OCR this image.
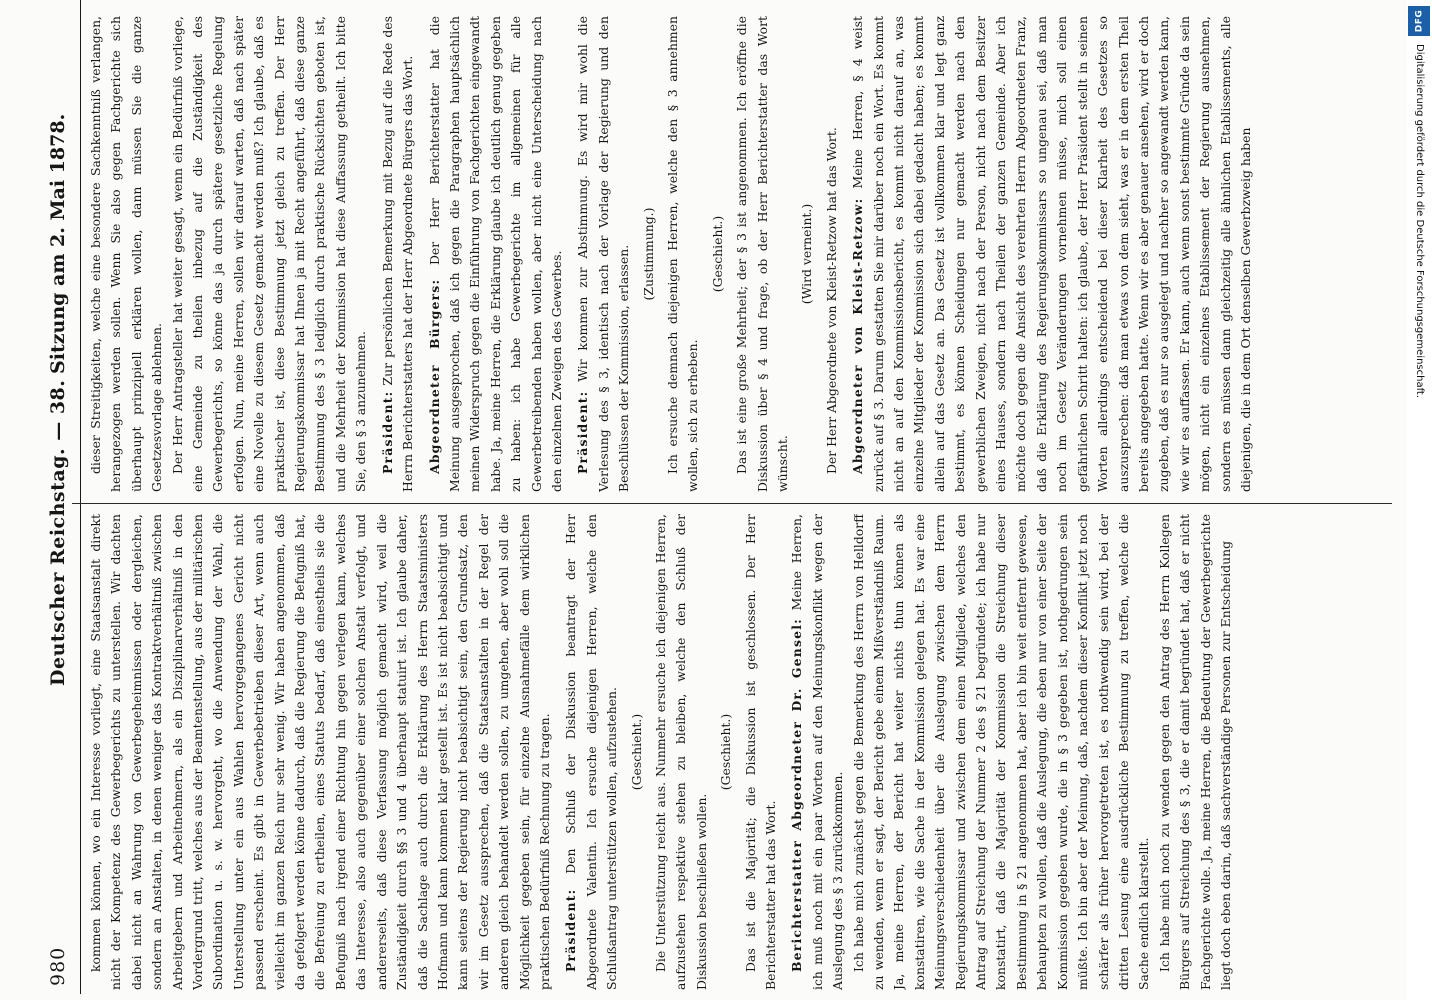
980
Deutscher Reichstag. — 38.
Sitzung am 2. Mai 1878.

kommen können, wo ein Interesse vorliegt, eine Staatsanstalt direkt nicht der Kompetenz des Gewerbegerichts zu unterstellen. Wir dachten dabei nicht an Wahrung von Gewerbegeheimnissen oder dergleichen, sondern an Anstalten, in denen weniger das Kontraktverhältniß zwischen Arbeitgebern und Arbeitnehmern, als ein Disziplinarverhältniß in den Vordergrund tritt, welches aus der Beamtenstellung, aus der militärischen Subordination u. s. w. hervorgeht, wo die Anwendung der Wahl, die Unterstellung unter ein aus Wahlen hervorgegangenes Gericht nicht passend erscheint. Es gibt in Gewerbebetrieben dieser Art, wenn auch vielleicht im ganzen Reich nur sehr wenig. Wir haben angenommen, daß da gefolgert werden könne dadurch, daß die Regierung die Befugniß hat, die Befreiung zu ertheilen, eines Statuts bedarf, daß einestheils sie die Befugniß nach irgend einer Richtung hin gegen verlegen kann, welches das Interesse, also auch gegenüber einer solchen Anstalt verfolgt, und andererseits, daß diese Verfassung möglich gemacht wird, weil die Zuständigkeit durch §§ 3 und 4 überhaupt statuirt ist. Ich glaube daher, daß die Sachlage auch durch die Erklärung des Herrn Staatsministers Hofmann und kann kommen klar gestellt ist. Es ist nicht beabsichtigt und kann seitens der Regierung nicht beabsichtigt sein, den Grundsatz, den wir im Gesetz aussprechen, daß die Staatsanstalten in der Regel der anderen gleich behandelt werden sollen, zu umgehen, aber wohl soll die Möglichkeit gegeben sein, für einzelne Ausnahmefälle dem wirklichen praktischen Bedürfniß Rechnung zu tragen. Präsident: Den Schluß der Diskussion beantragt der Herr Abgeordnete Valentin. Ich ersuche diejenigen Herren, welche den Schlußantrag unterstützen wollen, aufzustehen. (Geschieht.) Die Unterstützung reicht aus. Nunmehr ersuche ich diejenigen Herren, aufzustehen respektive stehen zu bleiben, welche den Schluß der Diskussion beschließen wollen.

(Geschieht.) Das ist die Majorität; die Diskussion ist geschlossen. Der Herr Berichterstatter hat das Wort. Berichterstatter Abgeordneter Dr. Gensel: Meine Herren, ich muß noch mit ein paar Worten auf den Meinungskonflikt wegen der Auslegung des § 3 zurückkommen. Ich habe mich zunächst gegen die Bemerkung des Herrn von Helldorff zu wenden, wenn er sagt, der Bericht gebe einem Mißverständniß Raum. Ja, meine Herren, der Bericht hat weiter nichts thun können als konstatiren, wie die Sache in der Kommission gelegen hat. Es war eine Meinungsverschiedenheit über die Auslegung zwischen dem Herrn Regierungskommissar und zwischen dem einen Mitgliede, welches den Antrag auf Streichung der Nummer 2 des § 21 begründete; ich habe nur konstatirt, daß die Majorität der Kommission die Streichung dieser Bestimmung in § 21 angenommen hat, aber ich bin weit entfernt gewesen, behaupten zu wollen, daß die Auslegung, die eben nur von einer Seite der Kommission gegeben wurde, die in § 3 gegeben ist, nothgedrungen sein müßte. Ich bin aber der Meinung, daß, nachdem dieser Konflikt jetzt noch schärfer als früher hervorgetreten ist, es nothwendig sein wird, bei der dritten Lesung eine ausdrückliche Bestimmung zu treffen, welche die Sache endlich klarstellt. Ich habe mich noch zu wenden gegen den Antrag des Herrn Kollegen Bürgers auf Streichung des § 3, die er damit begründet hat, daß er nicht Fachgerichte wolle. Ja, meine Herren, die Bedeutung der Gewerbegerichte liegt doch eben darin, daß sachverständige Personen zur Entscheidung

dieser Streitigkeiten, welche eine besondere Sachkenntniß verlangen, herangezogen werden sollen. Wenn Sie also gegen Fachgerichte sich überhaupt prinzipiell erklären wollen, dann müssen Sie die ganze Gesetzesvorlage ablehnen. Der Herr Antragsteller hat weiter gesagt, wenn ein Bedürfniß vorliege, eine Gemeinde zu theilen inbezug auf die Zuständigkeit des Gewerbegerichts, so könne das ja durch spätere gesetzliche Regelung erfolgen. Nun, meine Herren, sollen wir darauf warten, daß nach später eine Novelle zu diesem Gesetz gemacht werden muß? Ich glaube, daß es praktischer ist, diese Bestimmung jetzt gleich zu treffen. Der Herr Regierungskommissar hat Ihnen ja mit Recht angeführt, daß diese ganze Bestimmung des § 3 lediglich durch praktische Rücksichten geboten ist, und die Mehrheit der Kommission hat diese Auffassung getheilt. Ich bitte Sie, den § 3 anzunehmen. Präsident: Zur persönlichen Bemerkung mit Bezug auf die Rede des Herrn Berichterstatters hat der Herr Abgeordnete Bürgers das Wort. Abgeordneter Bürgers: Der Herr Berichterstatter hat die Meinung ausgesprochen, daß ich gegen die Paragraphen hauptsächlich meinen Widerspruch gegen die Einführung von Fachgerichten eingewandt habe. Ja, meine Herren, die Erklärung glaube ich deutlich genug gegeben zu haben: ich habe Gewerbegerichte im allgemeinen für alle Gewerbetreibenden haben wollen, aber nicht eine Unterscheidung nach den einzelnen Zweigen des Gewerbes. Präsident: Wir kommen zur Abstimmung. Es wird mir wohl die Verlesung des § 3, identisch nach der Vorlage der Regierung und den Beschlüssen der Kommission, erlassen. (Zustimmung.) Ich ersuche demnach diejenigen Herren, welche den § 3 annehmen wollen, sich zu erheben.

(Geschieht.) Das ist eine große Mehrheit; der § 3 ist angenommen. Ich eröffne die Diskussion über § 4 und frage, ob der Herr Berichterstatter das Wort wünscht.

(Wird verneint.) Der Herr Abgeordnete von Kleist-Retzow hat das Wort. Abgeordneter von Kleist-Retzow: Meine Herren, § 4 weist zurück auf § 3. Darum gestatten Sie mir darüber noch ein Wort. Es kommt nicht an auf den Kommissionsbericht, es kommt nicht darauf an, was einzelne Mitglieder der Kommission sich dabei gedacht haben; es kommt allein auf das Gesetz an. Das Gesetz ist vollkommen klar und legt ganz bestimmt, es können Scheidungen nur gemacht werden nach den gewerblichen Zweigen, nicht nach der Person, nicht nach dem Besitzer eines Hauses, sondern nach Theilen der ganzen Gemeinde. Aber ich möchte doch gegen die Ansicht des verehrten Herrn Abgeordneten Franz, daß die Erklärung des Regierungskommissars so ungenau sei, daß man noch im Gesetz Veränderungen vornehmen müsse, mich soll einen gefährlichen Schritt halten: ich glaube, der Herr Präsident stellt in seinen Worten allerdings entscheidend bei dieser Klarheit des Gesetzes so auszusprechen: daß man etwas von dem sieht, was er in dem ersten Theil bereits angegeben hatte. Wenn wir es aber genauer ansehen, wird er doch zugeben, daß es nur so ausgelegt und nachher so angewandt werden kann, wie wir es auffassen. Er kann, auch wenn sonst bestimmte Gründe da sein mögen, nicht ein einzelnes Etablissement der Regierung ausnehmen, sondern es müssen dann gleichzeitig alle ähnlichen Etablissements, alle diejenigen, die in dem Ort denselben Gewerbzweig haben

DFG
Digitalisierung gefördert durch die Deutsche Forschungsgemeinschaft.
